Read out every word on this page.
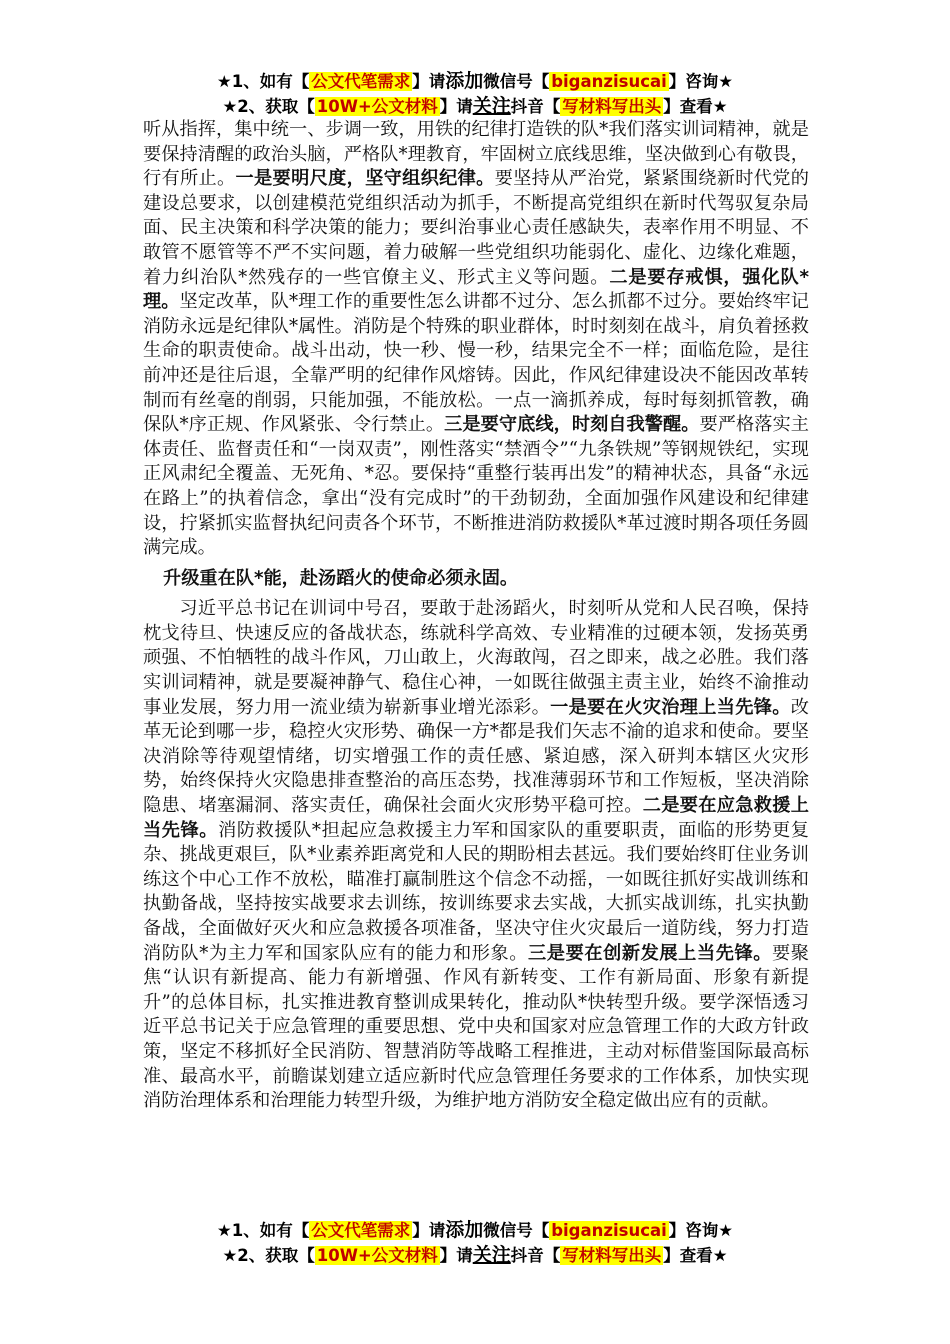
★1、如有【 公文代笔需求 】请添加微信号【 biganzisucai 】咨询★
★2、获取【 10W+公文材料 】请关注抖音【 写材料写出头 】查看★

听从指挥，集中统一、步调一致，用铁的纪律打造铁的队*我们落实训词精神，就是要保持清醒的政治头脑，严格队*理教育，牢固树立底线思维，坚决做到心有敬畏，行有所止。一是要明尺度，坚守组织纪律。要坚持从严治党，紧紧围绕新时代党的建设总要求，以创建模范党组织活动为抓手，不断提高党组织在新时代驾驭复杂局面、民主决策和科学决策的能力；要纠治事业心责任感缺失，表率作用不明显、不敢管不愿管等不严不实问题，着力破解一些党组织功能弱化、虚化、边缘化难题，着力纠治队*然残存的一些官僚主义、形式主义等问题。二是要存戒惧，强化队*理。坚定改革，队*理工作的重要性怎么讲都不过分、怎么抓都不过分。要始终牢记消防永远是纪律队*属性。消防是个特殊的职业群体，时时刻刻在战斗，肩负着拯救生命的职责使命。战斗出动，快一秒、慢一秒，结果完全不一样；面临危险，是往前冲还是往后退，全靠严明的纪律作风熔铸。因此，作风纪律建设决不能因改革转制而有丝毫的削弱，只能加强，不能放松。一点一滴抓养成，每时每刻抓管教，确保队*序正规、作风紧张、令行禁止。三是要守底线，时刻自我警醒。要严格落实主体责任、监督责任和“一岗双责”，刚性落实“禁酒令”“九条铁规”等钢规铁纪，实现正风肃纪全覆盖、无死角、*忍。要保持“重整行装再出发”的精神状态，具备“永远在路上”的执着信念，拿出“没有完成时”的干劲韧劲，全面加强作风建设和纪律建设，拧紧抓实监督执纪问责各个环节，不断推进消防救援队*革过渡时期各项任务圆满完成。

升级重在队*能，赴汤蹈火的使命必须永固。

习近平总书记在训词中号召，要敢于赴汤蹈火，时刻听从党和人民召唤，保持枕戈待旦、快速反应的备战状态，练就科学高效、专业精准的过硬本领，发扬英勇顽强、不怕牺牲的战斗作风，刀山敢上，火海敢闯，召之即来，战之必胜。我们落实训词精神，就是要凝神静气、稳住心神，一如既往做强主责主业，始终不渝推动事业发展，努力用一流业绩为崭新事业增光添彩。一是要在火灾治理上当先锋。改革无论到哪一步，稳控火灾形势、确保一方*都是我们矢志不渝的追求和使命。要坚决消除等待观望情绪，切实增强工作的责任感、紧迫感，深入研判本辖区火灾形势，始终保持火灾隐患排查整治的高压态势，找准薄弱环节和工作短板，坚决消除隐患、堵塞漏洞、落实责任，确保社会面火灾形势平稳可控。二是要在应急救援上当先锋。消防救援队*担起应急救援主力军和国家队的重要职责，面临的形势更复杂、挑战更艰巨，队*业素养距离党和人民的期盼相去甚远。我们要始终盯住业务训练这个中心工作不放松，瞄准打赢制胜这个信念不动摇，一如既往抓好实战训练和执勤备战，坚持按实战要求去训练，按训练要求去实战，大抓实战训练，扎实执勤备战，全面做好灭火和应急救援各项准备，坚决守住火灾最后一道防线，努力打造消防队*为主力军和国家队应有的能力和形象。三是要在创新发展上当先锋。要聚焦“认识有新提高、能力有新增强、作风有新转变、工作有新局面、形象有新提升”的总体目标，扎实推进教育整训成果转化，推动队*快转型升级。要学深悟透习近平总书记关于应急管理的重要思想、党中央和国家对应急管理工作的大政方针政策，坚定不移抓好全民消防、智慧消防等战略工程推进，主动对标借鉴国际最高标准、最高水平，前瞻谋划建立适应新时代应急管理任务要求的工作体系，加快实现消防治理体系和治理能力转型升级，为维护地方消防安全稳定做出应有的贡献。

★1、如有【 公文代笔需求 】请添加微信号【 biganzisucai 】咨询★
★2、获取【 10W+公文材料 】请关注抖音【 写材料写出头 】查看★
